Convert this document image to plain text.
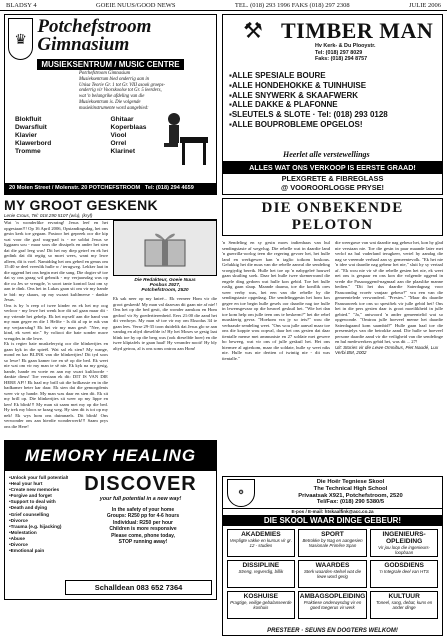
BLADSY 4	GOEIE NUUS/GOOD NEWS	TEL. (018) 293 1996 FAKS (018) 297 2308	JULIE 2006
♛
Potchefstroom Gimnasium
MUSIEKSENTRUM / MUSIC CENTRE
Potchefstroom Gimnasium
Musieksentrum bied onderrig aan in
Unisa Teorie Gr. 1 tot Gr. VIII asook groeps-
onderrig vir Voorskoolse tot Gr. 5 leerders,
wat 'n belangrike afdeling van die
Musieksentrum is. Die volgende
musiekinstrumente word aangebied:
Blokfluit	Ghitaar
Dwarsfluit	Koperblaas
Klavier	Viool
Klawerbord	Orrel
Tromme	Klarinet
20 Molen Street / Molenstr. 20 POTCHEFSTROOM Tel: (018) 294 4659
MY GROOT GESKENK
Lenie Crous, Tel: 018 290 5107 (w/u), (kryf)

Wat 'n wonderlike ervaring! Jesus leef en het opgestaan!!! Op 16 April 2006, Opstandingsdag, het ons gesin kerk toe gegaan. Pastoor het gepreek oor die kip wat voor die graf wag-pad is - ne soldat Jesus se liggaam sou - maar soos die dissipels en ander het sien dat die graf leeg was! Dit het my diep getref en ek het gedink dat dit regtig so moet wees, want my lewe alleen, dit is voel. Namiddag het ons gebed en genus om 15:40 se deel vreeslik hulle w / terugweg. Lekker laat in die oggend het ons begin met die sang. Die dogter sê toe dat sy ons graag wil gebruik - my verjaarsdag was op die ou Jes se vreugde, 'n soort tante kontrol laai om sy aan te dink. Ons het in Lukas gaan sit om vir my hande te bid: my skaars, op my swaart kultlmerse - dankie Jesus.

Ons is by 'n reep of twee kinder en ek het my oog verloor - my lewe het wenk hoe dit sal gaan maar dit - my vriende het gehelp. Ek het myself aan die hand van my man gegee en die 1 Helfte - Is dit al op te ruk van my verjaarsdag? Ek het vir my man gesê: "Nee, my kind, ek weet nie." Sy voltooi die baie sonder nuwe vreugdes in die lewe.

Ek is regter baie muskeleryrig oor die blinkertjies en gaan kyk in die spieël. Wat sal ek sien? My wange, mond en kar BLINK van die blinkertjies! Dit tyd soos so lewe! Ek gaan kamer toe en sê op die bed. Ek weet nie wat om vir my man te sê nie. Ek kyk na my gesig, hande, hande en voete en aan my swart kultloorde - dankie dieus! Toe verstaan ek dit: DIT IS VAN DIE HERE AF!! Ek haal my brill uit die brilkassie en in die badkamer beter kar daar. Ek sien dat die gemorgdenis weer vir sy hande. My man was daar en sien dit. Ek sit my brill op. Die blinkertjies sit weer op my lippe en ken! Ek blink!!! My man sit saam met my op die bed. Hy trek my bloos se kraag weg. Hy sien dit is tot op my nek! Ek wys hom ons duimnaels. Dit blink! Ons verwonder ons aan hierdie wonderwerk!!! Saam prys ons die Here!

Die Redakteur, Goeie Nuus
Posbus 2927,
Potchefstroom, 2520

Ek sak neer op my knieë... Ek verneer Hom vir die groot geskenk! My man val daarvan dit gaan nie af nie!! Ons het op die bed gesit, die wonder aanskou en Hom gedoof vir Sy goedertierenheid. Eers 21:00 die aand het dit verdwyn. My man sê toe vir my om Eksodus 34 te gaan lees. Verse 29-35 toon duidelik dat Jesus glo se aan vandag en altyd dieselfde is! Hy het Moses se gesig laat blink toe hy op die berg was (ook dieselfde hoer) en die twee kliptafels te gaan haal! Hy verander nooit! Hy bly altyd getrou, al is ons soms ontrou aan Hom!

MEMORY HEALING
DISCOVER
your full potential in a new way!
• Unlock your full potential!
• Heal your hurt
• Create new memories
• Forgive and forget
• Support to deal with
• Death and dying
• Grief counselling
• Divorce
• Trauma (e.g. hijacking)
• Molestation
• Abuse
• Divorce
• Emotional pain
In the safety of your home
Groups: R250 pp for 4-6 hours
Individual: R250 per hour
Children is more responsive
Please come, phone today,
STOP running away!
Schalldean 083 652 7364
⚒ TIMBER MAN
Hv Kerk- & Du Plooystr.
Tel: (018) 297 8029
Faks: (018) 294 8757
▪ ALLE SPESIALE BOURE
▪ ALLE HONDEHOKKE & TUINHUISE
▪ ALLE SNYWERK & SKAAFWERK
▪ ALLE DAKKE & PLAFONNE
▪ SLEUTELS & SLOTE · Tel: (018) 293 0128
▪ ALLE BOUPROBLEME OPGELOS!
Heerlet alle verstewellings
ALLES WAT ONS VERKOOP IS EERSTE GRAAD!
PLEXGRETE & FIBREGLASS
@ VOOROORLOGSE PRYSE!
DIE ONBEKENDE PELOTON
'n Sendeling en sy gesin moes indienhaas van hul sendingstasie af wegvlug. Die rebelle wat in daardie land 'n guerrilla-oorlog teen die regering gevoer het, het hulle land en werkgewer kan 'n taglio toikom boskous. Gelukkig het die nuus van die rebelle aanval die sendeling vroegtydig bereik. Hulle het toe op 'n nabygeleë houwel gaan skuiling soek. Daar het hulle twee skemerwand die engele ding gedoen wat hulle kon gebid. Toe het hulle ruslig gaan slaap. Maande daarna, toe die konflik ores weer verby was, het een van die rebelle by die sendingstasie opgedaag. Die sendelinggesin het hom kos gegee en toe begin hulle gesels oor daardie nag toe hulle in lewensgevaar op die heuwel geskuil het. "Wie het dan toe kom help om julle teen ons te beskerm?" het die rebel nuuskierig gevra. "Hoekom vra jy so iets?" wou die verbaasde sendeling weet. "Ons wou julle aanval maar toe ons die koppie wou oopval, daar het ons gesien dat daar tientalle mense met ammunisie en 27 soldate met gewere bo beweeg, wat vir ons of julle geskuil het. Het ons hiermee al agterkom, maar die soldate, hulle sy weet niks nie. Hulle was nie dertien of twintig nie - dit was tientalle."

die weergawe van wat daardie nag gebeur het, kon hy glad nie verstaan nie. Toe die gesin in paar maande later met verlof na hul vaderland terugkeer, vertel hy aandag die nag se vreemde verhaal aan sy gemeentevolk. "Ek het nie 'n idee wat daardie nag gebeur het nie," sluit hy sy vertaal af. "Ek wou nie vir sê die rebelle gesien het nie, ek weet net ons is gespaar en ons kon die volgende oggend in vrede die Pasaooggend-nagmaal aan die plaaslike manne bedien." "Dit het dus daardie Saterdagnag voor Paasoondag vroeër vanjaar gebeur?" vra een van die gemeentelede verwonderd. "Presies." "Maar dis daardie Paasnaweek toe ons so spesifiek vir julle gebid het! Ons het in die pers gesien daar is groot moeilikheid in julle gebied." "Ja," antwoord 'n ander gemeentelid wat so opgewonde. "Omtrou julle hoeveel mense het daardie Saterdagaand kom saambid?" Hulle gaan haal toe die presensielys van die betrokke aand. Die hulle se hoeveel persone daardie aand vir die veiligheid van die sendelinge en hul medewerkers gebid het, was dit ... 27!

Uit: Stories vir die Lewe Omnibus, Piet Naudé, Lux Verbi.BM, 2002

⚙
Die Hoër Tegniese Skool
The Technical High School
Privaatsak X921, Potchefstroom, 2520
Tel/Fax: (018) 290 5380/5
E-pos / E-mail: htskaalfink@acc.co.za
DIE SKOOL WAAR DINGE GEBEUR!
AKADEMIES
Verpligte vakke en kursus vir gr. 12 - studies
SPORT
Betrokke by Nag en aangesien Nasionale Primêre Span
INGENIEURS-OPLEIDING
Vir jou loop die ingenieurs-loopbaan
DISSIPLINE
Streng, regverdig, billik
WAARDES
Sterk waardes-stelsel wat die lewe word gerig
GODSDIENS
'n Integrale deel van HTS
KOSHUISE
Pragtige, veilige gebalanseerde koshuis
AMBAGSOPLEIDING
Praktiese onderwysdag vir en goed toegerus vir werk
KULTUUR
Toneel, sang, debat, kuns en ander dinge
PRESTEER · SEUNS EN DOGTERS WELKOM!
